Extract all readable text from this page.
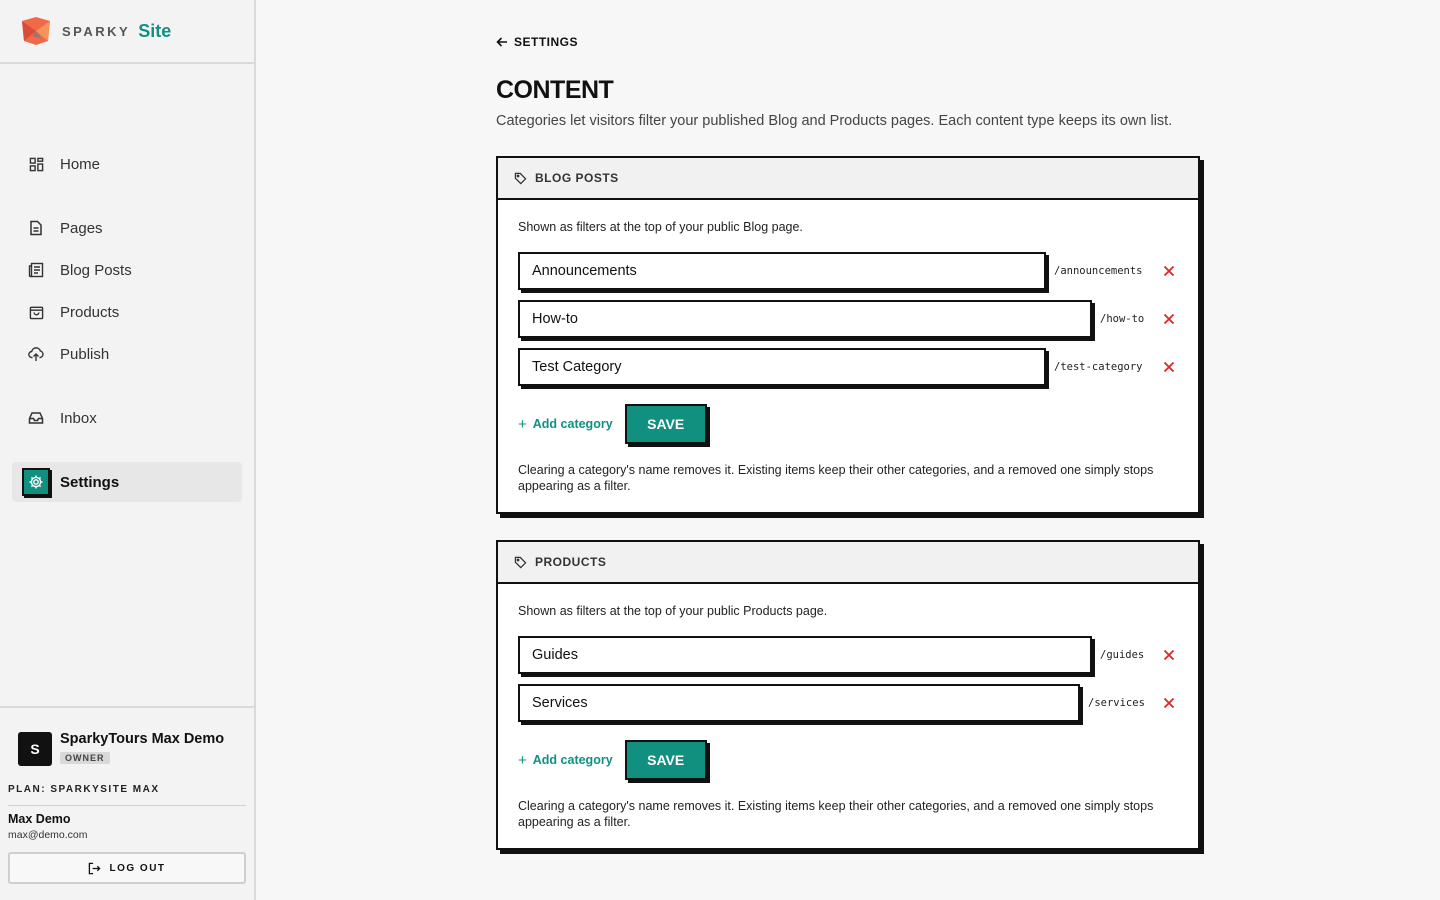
SPARKY Site
Home
Pages
Blog Posts
Products
Publish
Inbox
Settings
S
SparkyTours Max Demo
OWNER
PLAN: SPARKYSITE MAX
Max Demo
max@demo.com
LOG OUT
SETTINGS
CONTENT

Categories let visitors filter your published Blog and Products pages. Each content type keeps its own list.

BLOG POSTS

Shown as filters at the top of your public Blog page.

Announcements
/announcements
How-to
/how-to
Test Category
/test-category
+ Add category	SAVE

Clearing a category's name removes it. Existing items keep their other categories, and a removed one simply stops appearing as a filter.

PRODUCTS

Shown as filters at the top of your public Products page.

Guides
/guides
Services
/services
+ Add category	SAVE

Clearing a category's name removes it. Existing items keep their other categories, and a removed one simply stops appearing as a filter.
